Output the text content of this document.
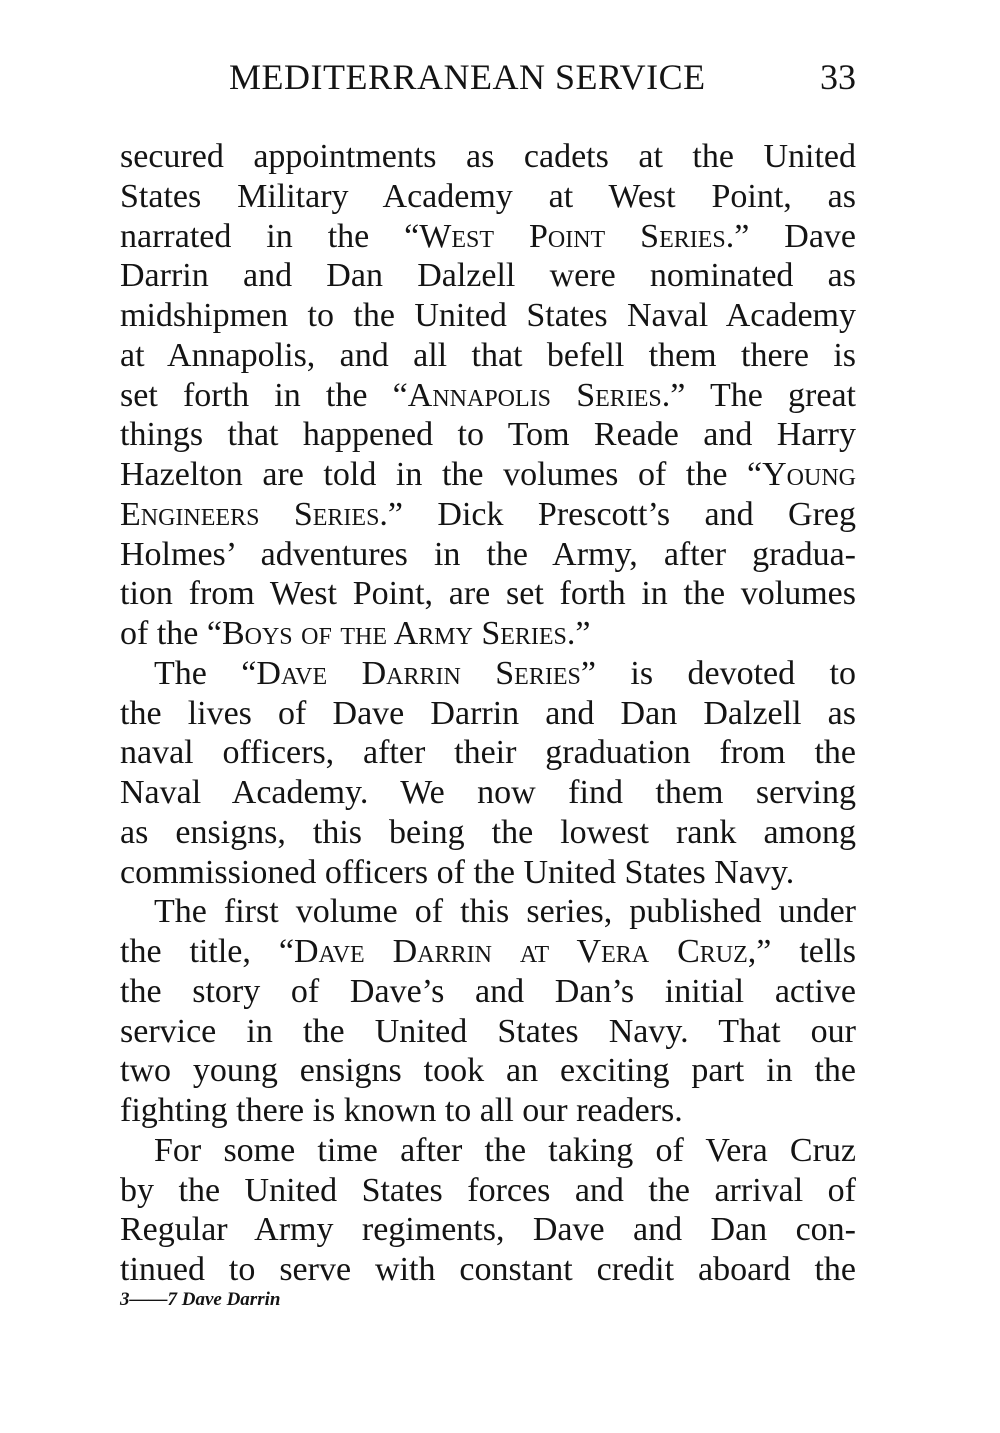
MEDITERRANEAN SERVICE	33
secured appointments as cadets at the United
States Military Academy at West Point, as
narrated in the “West Point Series.” Dave
Darrin and Dan Dalzell were nominated as
midshipmen to the United States Naval Academy
at Annapolis, and all that befell them there is
set forth in the “Annapolis Series.” The great
things that happened to Tom Reade and Harry
Hazelton are told in the volumes of the “Young
Engineers Series.” Dick Prescott’s and Greg
Holmes’ adventures in the Army, after gradua-
tion from West Point, are set forth in the volumes
of the “Boys of the Army Series.”
The “Dave Darrin Series” is devoted to
the lives of Dave Darrin and Dan Dalzell as
naval officers, after their graduation from the
Naval Academy. We now find them serving
as ensigns, this being the lowest rank among
commissioned officers of the United States Navy.
The first volume of this series, published under
the title, “Dave Darrin at Vera Cruz,” tells
the story of Dave’s and Dan’s initial active
service in the United States Navy. That our
two young ensigns took an exciting part in the
fighting there is known to all our readers.
For some time after the taking of Vera Cruz
by the United States forces and the arrival of
Regular Army regiments, Dave and Dan con-
tinued to serve with constant credit aboard the
3——7 Dave Darrin
